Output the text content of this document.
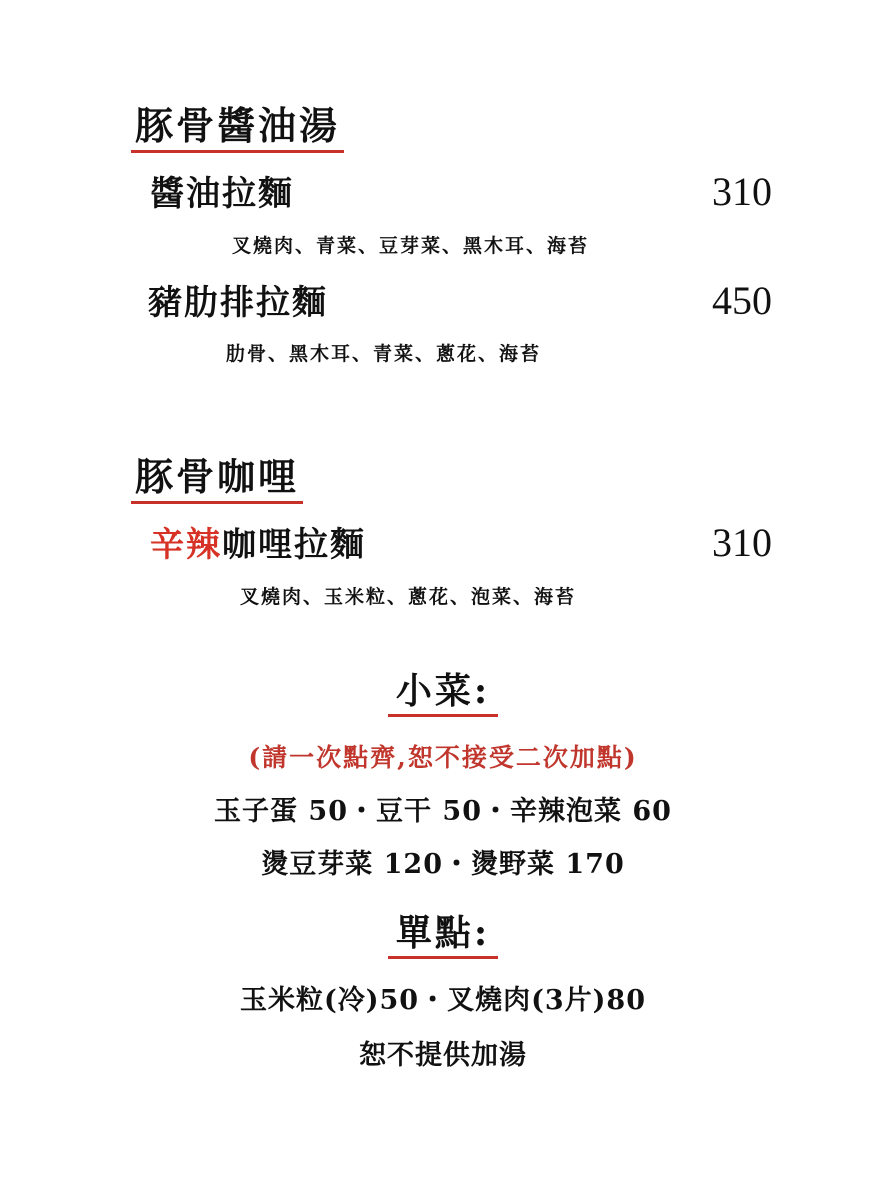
豚骨醬油湯
醬油拉麵	310
叉燒肉、青菜、豆芽菜、黑木耳、海苔
豬肋排拉麵	450
肋骨、黑木耳、青菜、蔥花、海苔
豚骨咖哩
辛辣咖哩拉麵	310
叉燒肉、玉米粒、蔥花、泡菜、海苔
小菜:
(請一次點齊,恕不接受二次加點)
玉子蛋 50・豆干 50・辛辣泡菜 60
燙豆芽菜 120・燙野菜 170
單點:
玉米粒(冷)50・叉燒肉(3片)80
恕不提供加湯
